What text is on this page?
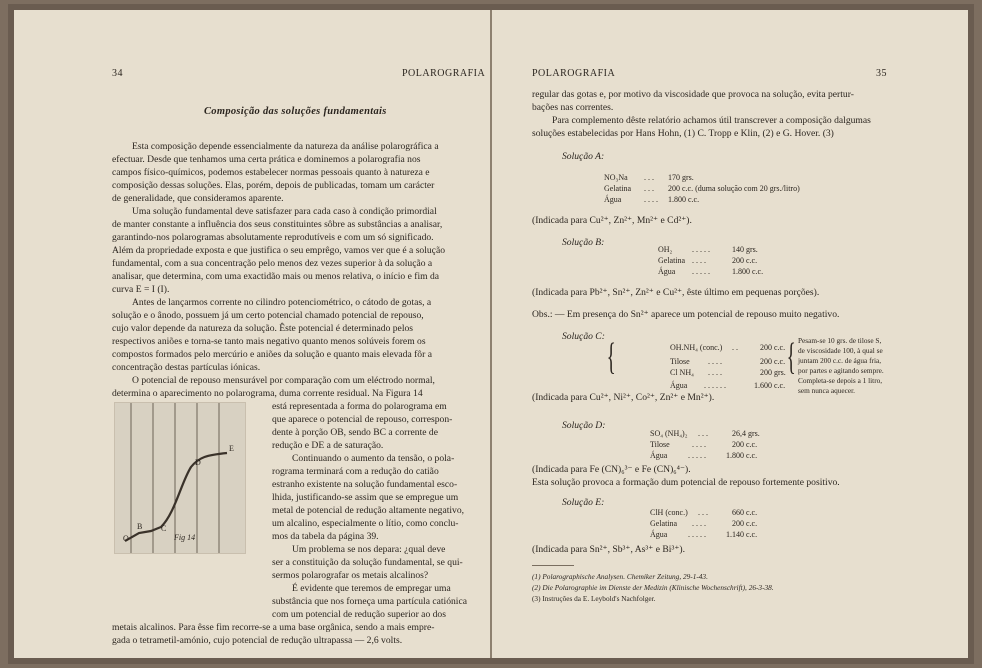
34	POLAROGRAFIA
Composição das soluções fundamentais
Esta composição depende essencialmente da natureza da análise polarográfica a
efectuar. Desde que tenhamos uma certa prática e dominemos a polarografia nos
campos físico-químicos, podemos estabelecer normas pessoais quanto à natureza e
composição dessas soluções. Elas, porém, depois de publicadas, tomam um carácter
de generalidade, que consideramos aparente.
Uma solução fundamental deve satisfazer para cada caso à condição primordial
de manter constante a influência dos seus constituintes sôbre as substâncias a analisar,
garantindo-nos polarogramas absolutamente reprodutíveis e com um só significado.
Além da propriedade exposta e que justifica o seu emprêgo, vamos ver que é a solução
fundamental, com a sua concentração pelo menos dez vezes superior à da solução a
analisar, que determina, com uma exactidão mais ou menos relativa, o início e fim da
curva E = I (I).
Antes de lançarmos corrente no cilindro potenciométrico, o cátodo de gotas, a
solução e o ânodo, possuem já um certo potencial chamado potencial de repouso,
cujo valor depende da natureza da solução. Êste potencial é determinado pelos
respectivos aniões e torna-se tanto mais negativo quanto menos solúveis forem os
compostos formados pelo mercúrio e aniões da solução e quanto mais elevada fôr a
concentração destas partículas iónicas.
O potencial de repouso mensurável por comparação com um eléctrodo normal,
determina o aparecimento no polarograma, duma corrente residual. Na Figura 14
O
B C
D
E
Fig 14
está representada a forma do polarograma em
que aparece o potencial de repouso, correspon-
dente à porção OB, sendo BC a corrente de
redução e DE a de saturação.
Continuando o aumento da tensão, o pola-
rograma terminará com a redução do catião
estranho existente na solução fundamental esco-
lhida, justificando-se assim que se empregue um
metal de potencial de redução altamente negativo,
um alcalino, especialmente o lítio, como conclu-
mos da tabela da página 39.
Um problema se nos depara: ¿qual deve
ser a constituição da solução fundamental, se qui-
sermos polarografar os metais alcalinos?
É evidente que teremos de empregar uma
substância que nos forneça uma partícula catiónica
com um potencial de redução superior ao dos
metais alcalinos. Para êsse fim recorre-se a uma base orgânica, sendo a mais empre-
gada o tetrametil-amónio, cujo potencial de redução ultrapassa — 2,6 volts.
POLAROGRAFIA	35
regular das gotas e, por motivo da viscosidade que provoca na solução, evita pertur-
bações nas correntes.
Para complemento dêste relatório achamos útil transcrever a composição dalgumas
soluções estabelecidas por Hans Hohn, (1) C. Tropp e Klin, (2) e G. Hover. (3)
Solução A:
NO₃Na . . . 170 grs.
Gelatina . . . 200 c.c. (duma solução com 20 grs./litro)
Água	. . . . 1.800 c.c.
(Indicada para Cu²⁺, Zn²⁺, Mn²⁺ e Cd²⁺).
Solução B:
OH₂ . . . . .	140 grs.
Gelatina . . . .	200 c.c.
Água . . . . .	1.800 c.c.
(Indicada para Pb²⁺, Sn²⁺, Zn²⁺ e Cu²⁺, êste último em pequenas porções).
Obs.: — Em presença do Sn²⁺ aparece um potencial de repouso muito negativo.
Solução C:
OH.NH₄ (conc.) . .	200 c.c.
Tilose . . . .	200 c.c.
Cl NH₄ . . . .	200 grs.
Água . . . . . .	1.600 c.c.
{	{ Pesam-se 10 grs. de tilose S,
de viscosidade 100, à qual se
juntam 200 c.c. de água fria,
por partes e agitando sempre.
Completa-se depois a 1 litro,
sem nunca aquecer.
(Indicada para Cu²⁺, Ni²⁺, Co²⁺, Zn²⁺ e Mn²⁺).
Solução D:
SO₄ (NH₄)₂ . . .	26,4 grs.
Tilose	. . . .	200 c.c.
Água	. . . . .	1.800 c.c.
(Indicada para Fe (CN)₆³⁻ e Fe (CN)₆⁴⁻).
Esta solução provoca a formação dum potencial de repouso fortemente positivo.
Solução E:
ClH (conc.) . . .	660 c.c.
Gelatina . . . .	200 c.c.
Água	. . . . .	1.140 c.c.
(Indicada para Sn²⁺, Sb³⁺, As³⁺ e Bi³⁺).
(1) Polarographische Analysen. Chemiker Zeitung, 29-1-43.
(2) Die Polarographie im Dienste der Medizin (Klinische Wochenschrift), 26-3-38.
(3) Instruções da E. Leybold's Nachfolger.
